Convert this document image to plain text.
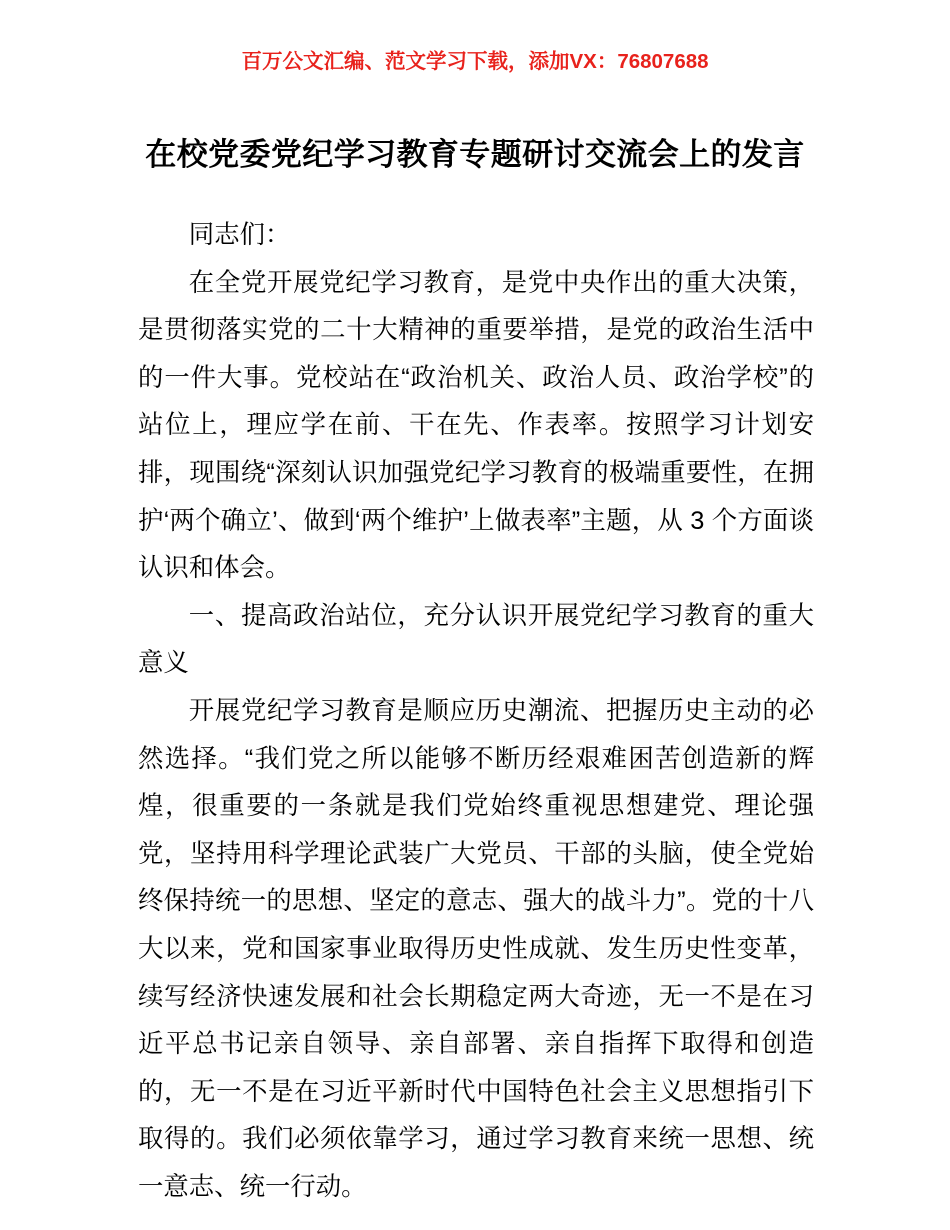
百万公文汇编、范文学习下载，添加VX：76807688
在校党委党纪学习教育专题研讨交流会上的发言

同志们：

在全党开展党纪学习教育，是党中央作出的重大决策，是贯彻落实党的二十大精神的重要举措，是党的政治生活中的一件大事。党校站在“政治机关、政治人员、政治学校”的站位上，理应学在前、干在先、作表率。按照学习计划安排，现围绕“深刻认识加强党纪学习教育的极端重要性，在拥护‘两个确立’、做到‘两个维护’上做表率”主题，从 3 个方面谈认识和体会。

一、提高政治站位，充分认识开展党纪学习教育的重大意义

开展党纪学习教育是顺应历史潮流、把握历史主动的必然选择。“我们党之所以能够不断历经艰难困苦创造新的辉煌，很重要的一条就是我们党始终重视思想建党、理论强党，坚持用科学理论武装广大党员、干部的头脑，使全党始终保持统一的思想、坚定的意志、强大的战斗力”。党的十八大以来，党和国家事业取得历史性成就、发生历史性变革，续写经济快速发展和社会长期稳定两大奇迹，无一不是在习近平总书记亲自领导、亲自部署、亲自指挥下取得和创造的，无一不是在习近平新时代中国特色社会主义思想指引下取得的。我们必须依靠学习，通过学习教育来统一思想、统一意志、统一行动。
